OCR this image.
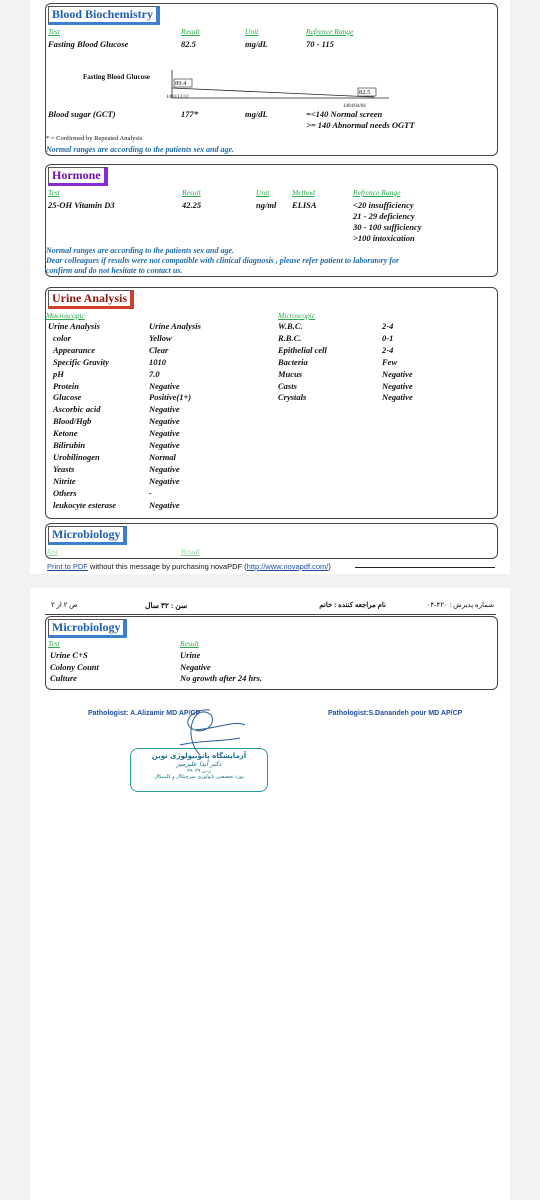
Blood Biochemistry
Test	Result	Unit	Refrence Range
Fasting Blood Glucose	82.5	mg/dL	70 - 115
Fasting Blood Glucose
89.4
82.5
1403/12/12
1404/04/04
Blood sugar (GCT)	177*	mg/dL	=<140 Normal screen
>= 140 Abnormal needs OGTT
* = Confirmed by Repeated Analysis
Normal ranges are according to the patients sex and age.
Hormone
Test	Result	Unit	Method	Refrence Range
25-OH Vitamin D3	42.25	ng/ml ELISA	<20 insufficiency
21 - 29 deficiency
30 - 100 sufficiency
>100 intoxication
Normal ranges are according to the patients sex and age.
Dear colleagues if results were not compatible with clinical diagnosis , please refer patient to laboratory for
confirm and do not hesitate to contact us.
Urine Analysis
Macroscopic	Microscopic
Urine Analysis	Urine Analysis
color	Yellow
Appearance	Clear
Specific Gravity	1010
pH	7.0
Protein	Negative
Glucose	Positive(1+)
Ascorbic acid	Negative
Blood/Hgb	Negative
Ketone	Negative
Bilirubin	Negative
Urobilinogen	Normal
Yeasts	Negative
Nitrite	Negative
Others	-
leukocyte esterase	Negative
W.B.C.	2-4
R.B.C.	0-1
Epithelial cell	2-4
Bacteria	Few
Mucus	Negative
Casts	Negative
Crystals	Negative
Microbiology
Test	Result
Print to PDF without this message by purchasing novaPDF (http://www.novapdf.com/)
شماره پذیرش : ۴۲۰-۰۴
نام مراجعه کننده : خانم
سن : ۳۲ سال
ص ۲ از ۲
Microbiology
Test	Result
Urine C+S	Urine
Colony Count	Negative
Culture	No growth after 24 hrs.
Pathologist: A.Alizamir MD AP/CP	Pathologist:S.Danandeh pour MD AP/CP
آزمایشگاه پاتوبیولوژی نوین
دکتر آیدا علیزمیر
ن.ن ۹۹۰۲۹
بورد تخصصی پاتولوژی سرجیکال و کلینیکال
